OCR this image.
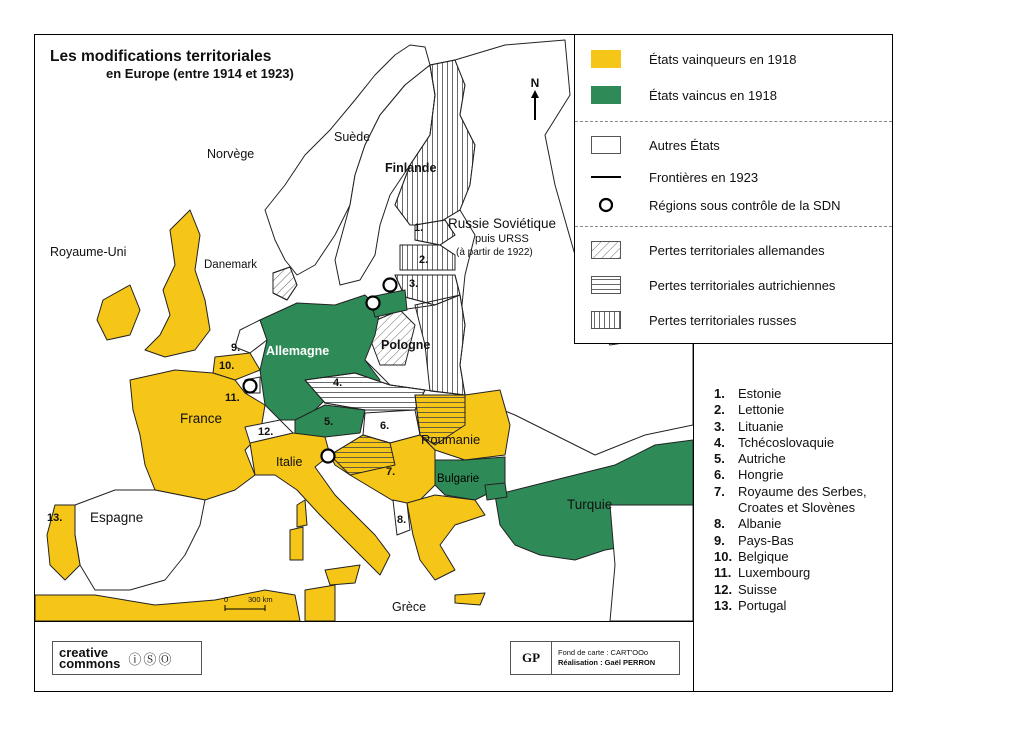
0	300 km
Les modifications territoriales
en Europe (entre 1914 et 1923)
N
Norvège
Suède
Finlande
Russie Soviétique
puis URSS
(à partir de 1922)
Royaume-Uni
Danemark
Allemagne	Pologne
France
Roumanie
Italie
Bulgarie
Turquie
Espagne
Grèce
1.
2.
3.
4.
5.	6.
7.
8.
9.
10.
11.
12.
13.
États vainqueurs en 1918
États vaincus en 1918
Autres États
Frontières en 1923
Régions sous contrôle de la SDN
Pertes territoriales allemandes
Pertes territoriales autrichiennes
Pertes territoriales russes
1.	Estonie
2.	Lettonie
3.	Lituanie
4.	Tchécoslovaquie
5.	Autriche
6.	Hongrie
7.	Royaume des Serbes, Croates et Slovènes
8.	Albanie
9.	Pays-Bas
10. Belgique
11. Luxembourg
12. Suisse
13. Portugal
creative
commons ⓘⓈⓄ	GP	Fond de carte : CART'OOo
Réalisation : Gaël PERRON
